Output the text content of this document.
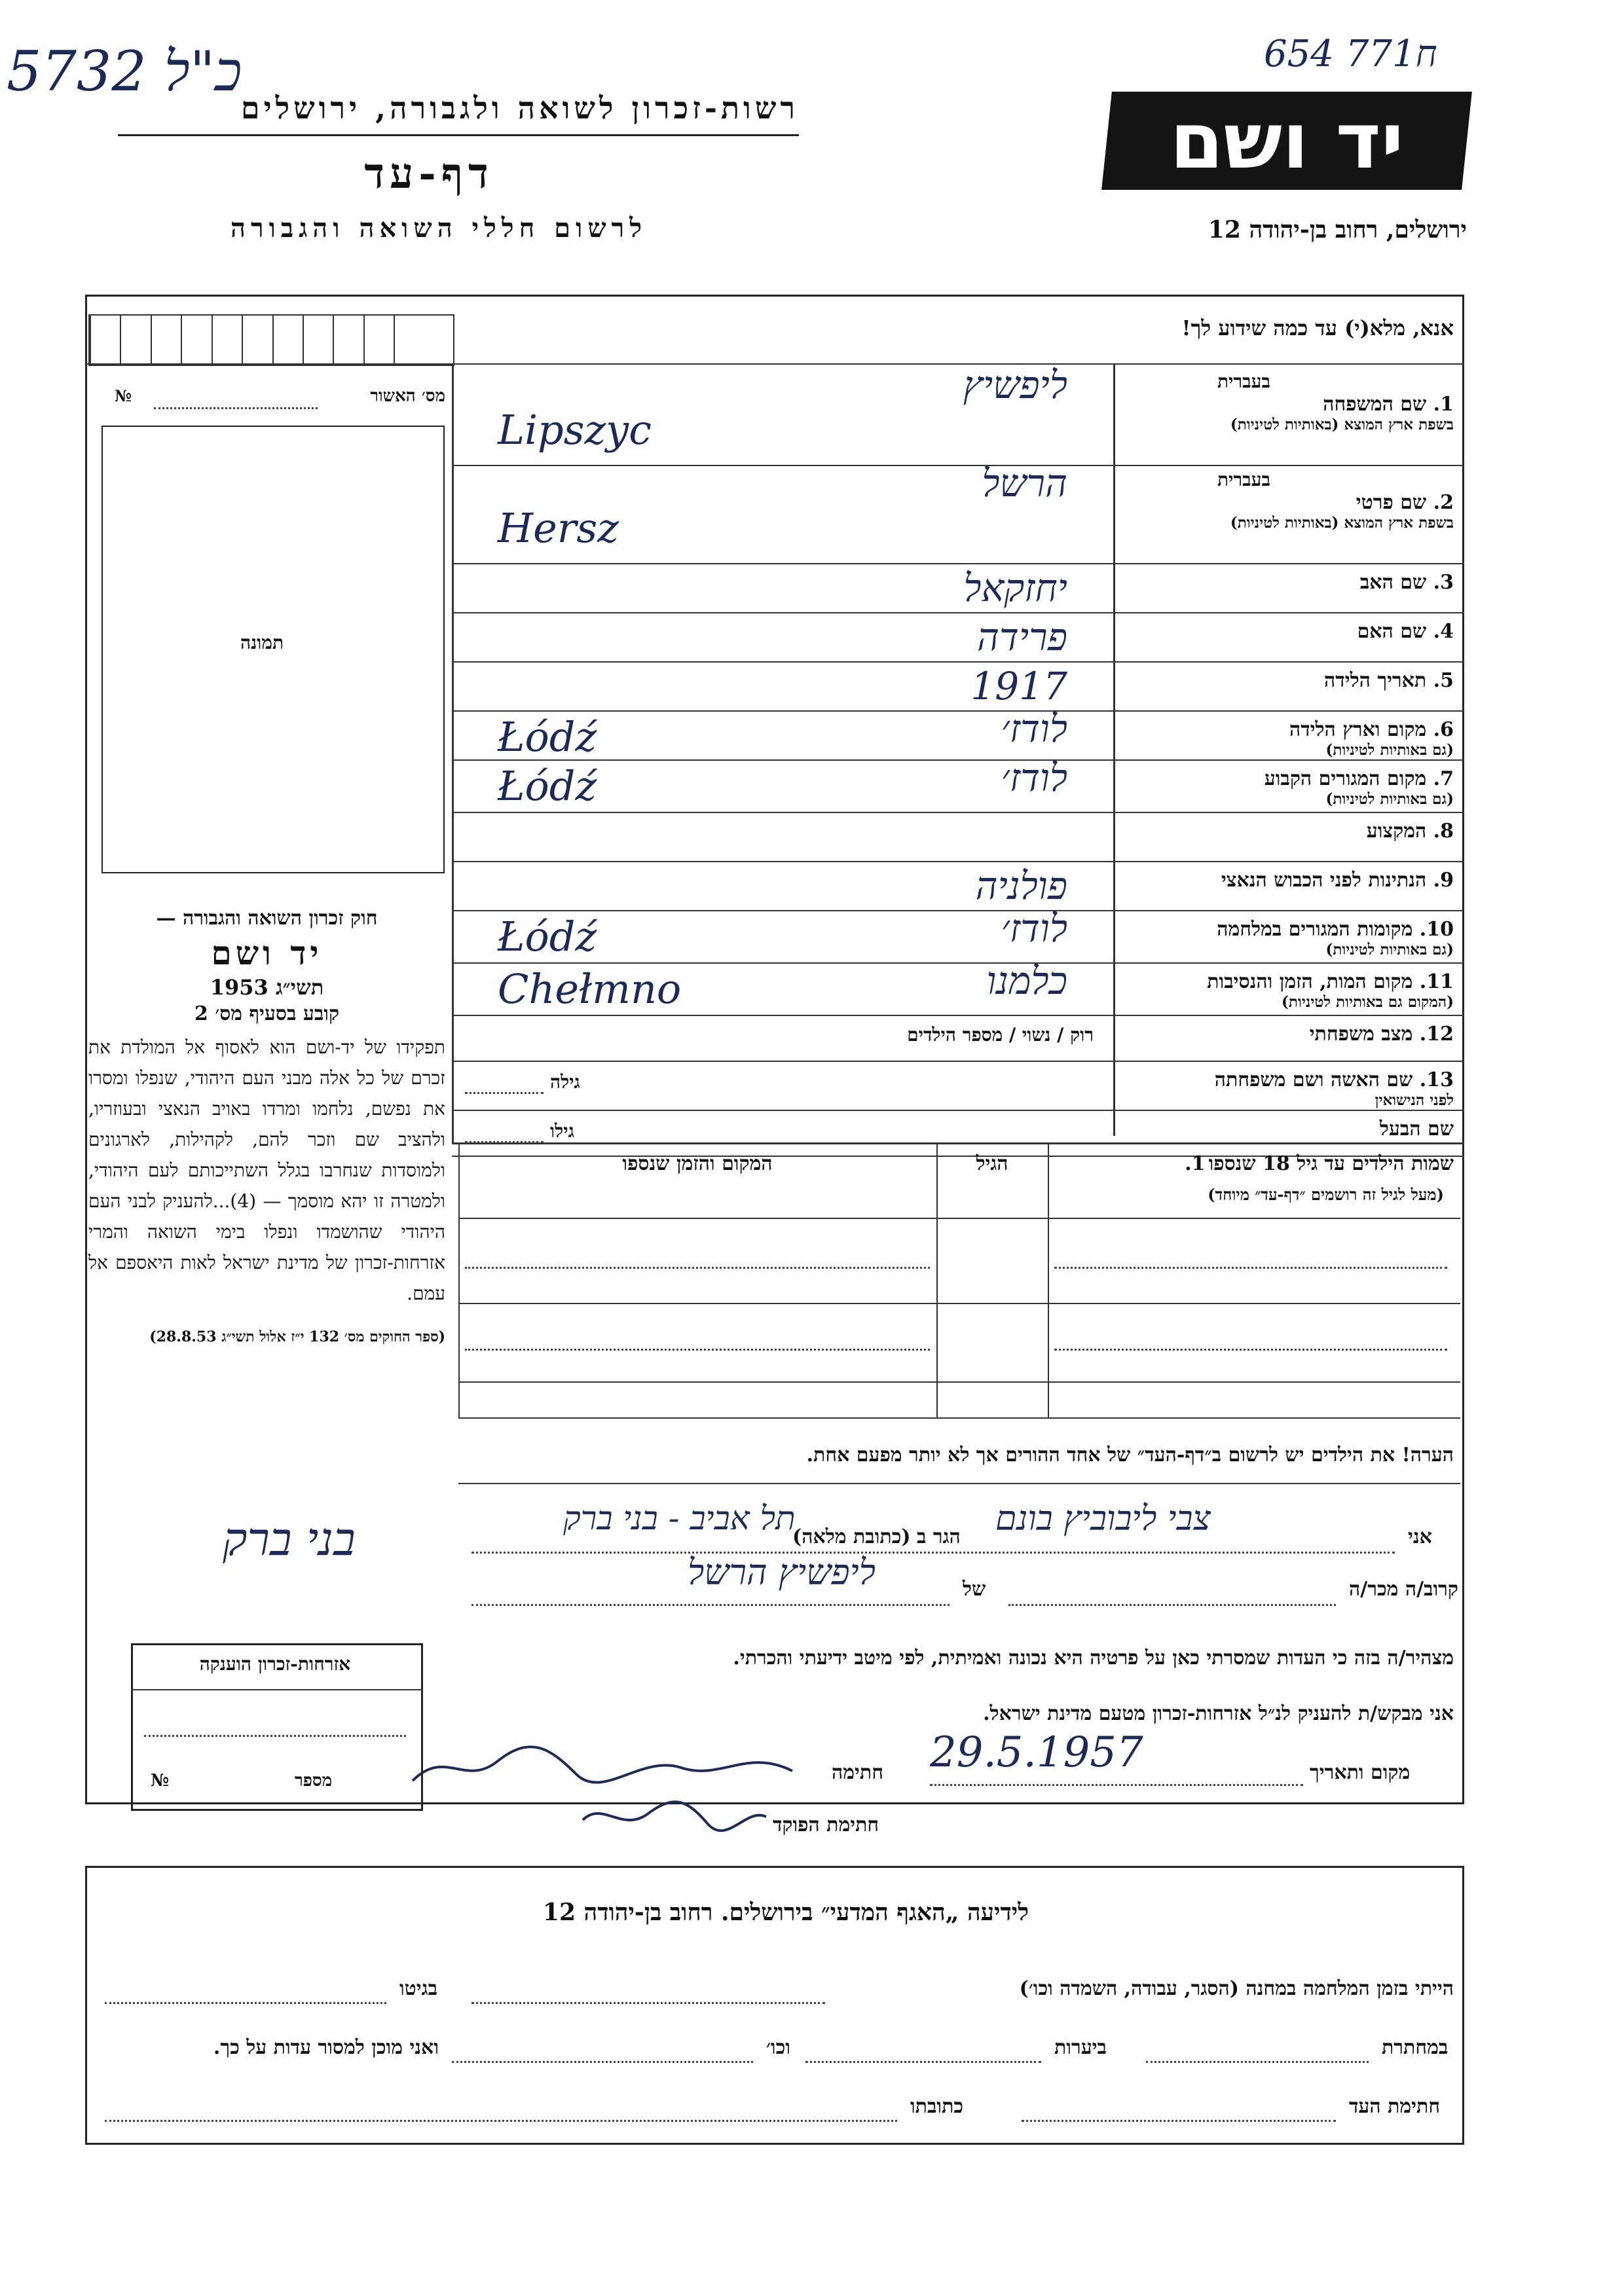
5732 כ"ל	654 ח771
רשות-זכרון לשואה ולגבורה, ירושלים
דף-עד
לרשום חללי השואה והגבורה
יד ושם
ירושלים, רחוב בן-יהודה 12
אנא, מלא(י) עד כמה שידוע לך!
מס׳ האשור
№
תמונה
חוק זכרון השואה והגבורה —
יד ושם
תשי״ג 1953
קובע בסעיף מס׳ 2
תפקידו של יד-ושם הוא לאסוף אל המולדת את זכרם של כל אלה מבני העם היהודי, שנפלו ומסרו את נפשם, נלחמו ומרדו באויב הנאצי ובעוזריו, ולהציב שם וזכר להם, לקהילות, לארגונים ולמוסדות שנחרבו בגלל השתייכותם לעם היהודי, ולמטרה זו יהא מוסמך — (4)...להעניק לבני העם היהודי שהושמדו ונפלו בימי השואה והמרי אזרחות-זכרון של מדינת ישראל לאות היאספם אל עמם.
(ספר החוקים מס׳ 132 י״ז אלול תשי״ג 28.8.53)
בעברית
1. שם המשפחה
בשפת ארץ המוצא (באותיות לטיניות)
ליפשיץ
Lipszyc
בעברית
2. שם פרטי
בשפת ארץ המוצא (באותיות לטיניות)
הרשל
Hersz
3. שם האב
יחזקאל
4. שם האם
פרידה
5. תאריך הלידה
1917
6. מקום וארץ הלידה
(גם באותיות לטיניות)
לודז׳
Łódź
7. מקום המגורים הקבוע
(גם באותיות לטיניות)
לודז׳
Łódź
8. המקצוע
9. הנתינות לפני הכבוש הנאצי
פולניה
10. מקומות המגורים במלחמה
(גם באותיות לטיניות)
לודז׳
Łódź
11. מקום המות, הזמן והנסיבות
(המקום גם באותיות לטיניות)
כלמנו
Chełmno
12. מצב משפחתי
רוק / נשוי / מספר הילדים
13. שם האשה ושם משפחתה
לפני הנישואין
גילה
שם הבעל
גילו
שמות הילדים עד גיל 18 שנספו 1.
(מעל לגיל זה רושמים ״דף-עד״ מיוחד)
הגיל
המקום והזמן שנספו
הערה! את הילדים יש לרשום ב״דף-העד״ של אחד ההורים אך לא יותר מפעם אחת.
אני
צבי ליבוביץ בונם
הגר ב
(כתובת מלאה)
תל אביב - בני ברק
קרוב/ה מכר/ה
של
ליפשיץ הרשל
בני ברק
מצהיר/ה בזה כי העדות שמסרתי כאן על פרטיה היא נכונה ואמיתית, לפי מיטב ידיעתי והכרתי.
אני מבקש/ת להעניק לנ״ל אזרחות-זכרון מטעם מדינת ישראל.
מקום ותאריך
29.5.1957
חתימה
חתימת הפוקד
אזרחות-זכרון הוענקה
מספר
№
לידיעה „האגף המדעי״ בירושלים. רחוב בן-יהודה 12
הייתי בזמן המלחמה במחנה (הסגר, עבודה, השמדה וכו׳)
בגיטו
במחתרת
ביערות
וכו׳
ואני מוכן למסור עדות על כך.
חתימת העד
כתובתו
